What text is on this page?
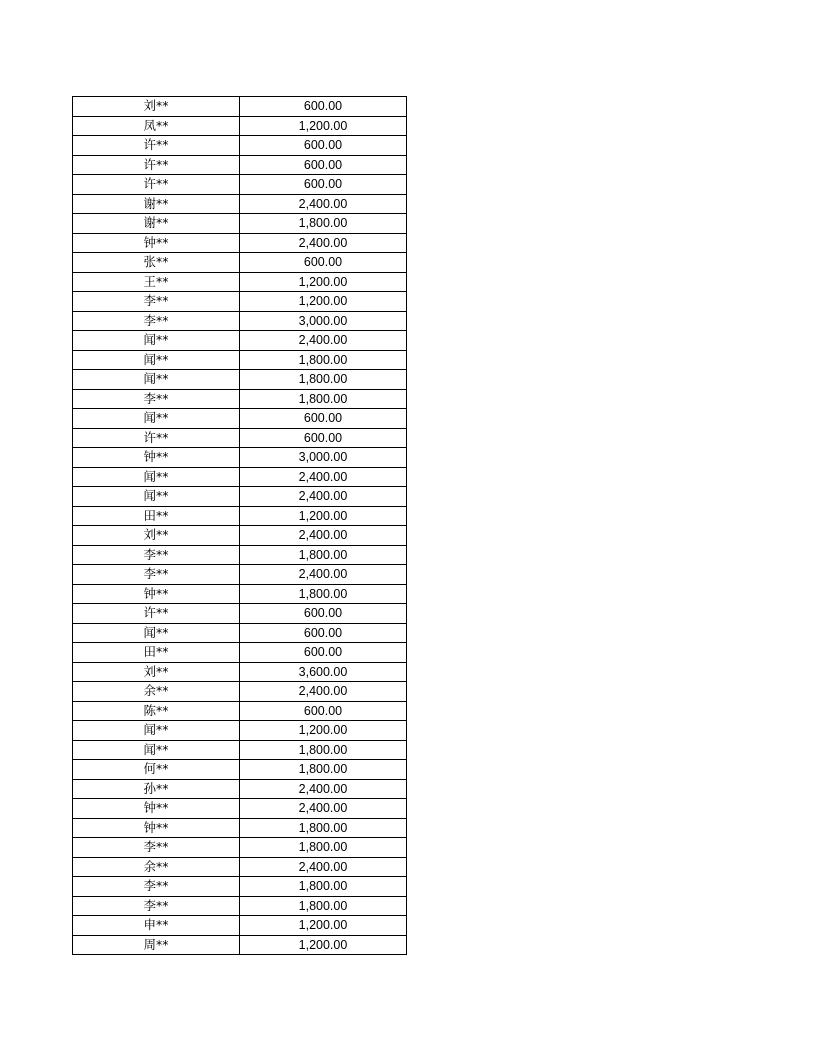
刘**	600.00
凤**	1,200.00
许**	600.00
许**	600.00
许**	600.00
谢**	2,400.00
谢**	1,800.00
钟**	2,400.00
张**	600.00
王**	1,200.00
李**	1,200.00
李**	3,000.00
闻**	2,400.00
闻**	1,800.00
闻**	1,800.00
李**	1,800.00
闻**	600.00
许**	600.00
钟**	3,000.00
闻**	2,400.00
闻**	2,400.00
田**	1,200.00
刘**	2,400.00
李**	1,800.00
李**	2,400.00
钟**	1,800.00
许**	600.00
闻**	600.00
田**	600.00
刘**	3,600.00
余**	2,400.00
陈**	600.00
闻**	1,200.00
闻**	1,800.00
何**	1,800.00
孙**	2,400.00
钟**	2,400.00
钟**	1,800.00
李**	1,800.00
余**	2,400.00
李**	1,800.00
李**	1,800.00
申**	1,200.00
周**	1,200.00
